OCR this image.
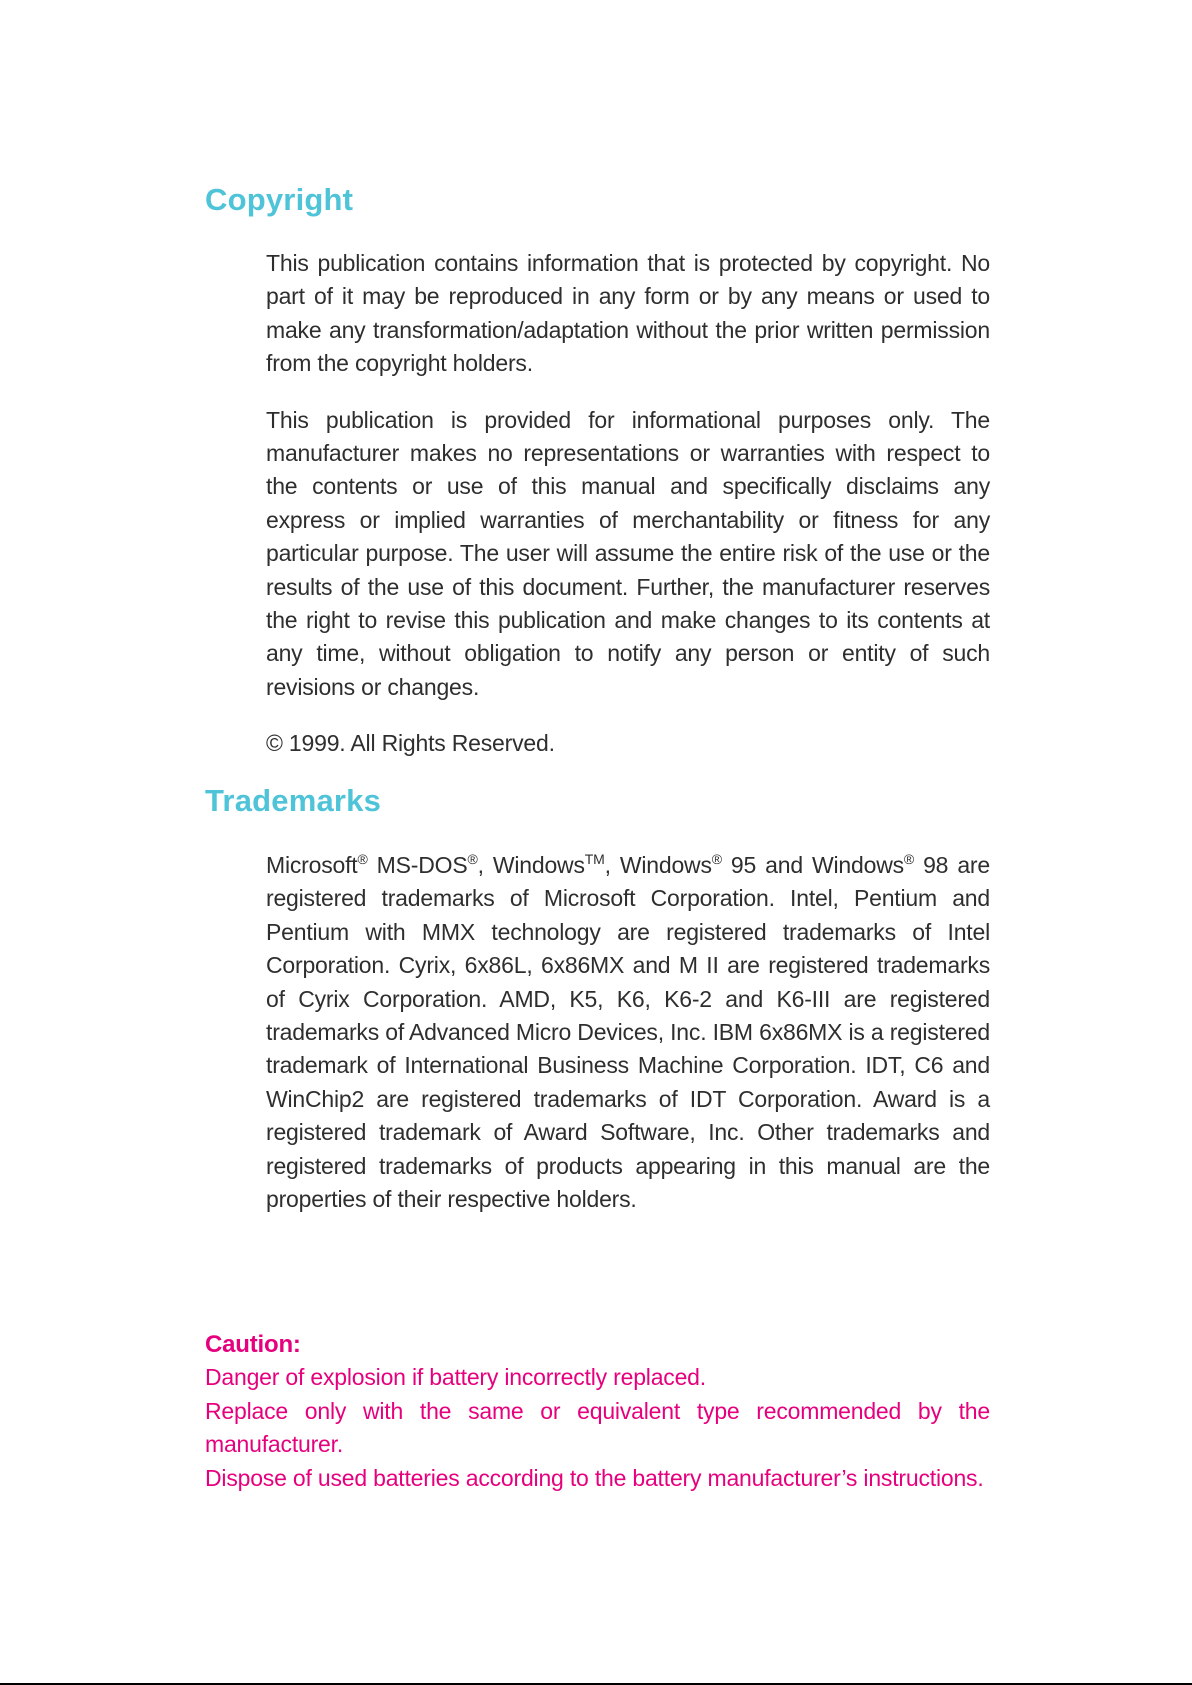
Copyright

This publication contains information that is protected by copyright. No part of it may be reproduced in any form or by any means or used to make any transformation/adaptation without the prior written permission from the copyright holders.

This publication is provided for informational purposes only. The manufacturer makes no representations or warranties with respect to the contents or use of this manual and specifically disclaims any express or implied warranties of merchantability or fitness for any particular purpose. The user will assume the entire risk of the use or the results of the use of this document. Further, the manufacturer reserves the right to revise this publication and make changes to its contents at any time, without obligation to notify any person or entity of such revisions or changes.

© 1999. All Rights Reserved.

Trademarks

Microsoft® MS-DOS®, Windows™, Windows® 95 and Windows® 98 are registered trademarks of Microsoft Corporation. Intel, Pentium and Pentium with MMX technology are registered trademarks of Intel Corporation. Cyrix, 6x86L, 6x86MX and M II are registered trademarks of Cyrix Corporation. AMD, K5, K6, K6-2 and K6-III are registered trademarks of Advanced Micro Devices, Inc. IBM 6x86MX is a registered trademark of International Business Machine Corporation. IDT, C6 and WinChip2 are registered trademarks of IDT Corporation. Award is a registered trademark of Award Software, Inc. Other trademarks and registered trademarks of products appearing in this manual are the properties of their respective holders.

Caution:

Danger of explosion if battery incorrectly replaced.

Replace only with the same or equivalent type recommended by the manufacturer.

Dispose of used batteries according to the battery manufacturer’s instructions.
